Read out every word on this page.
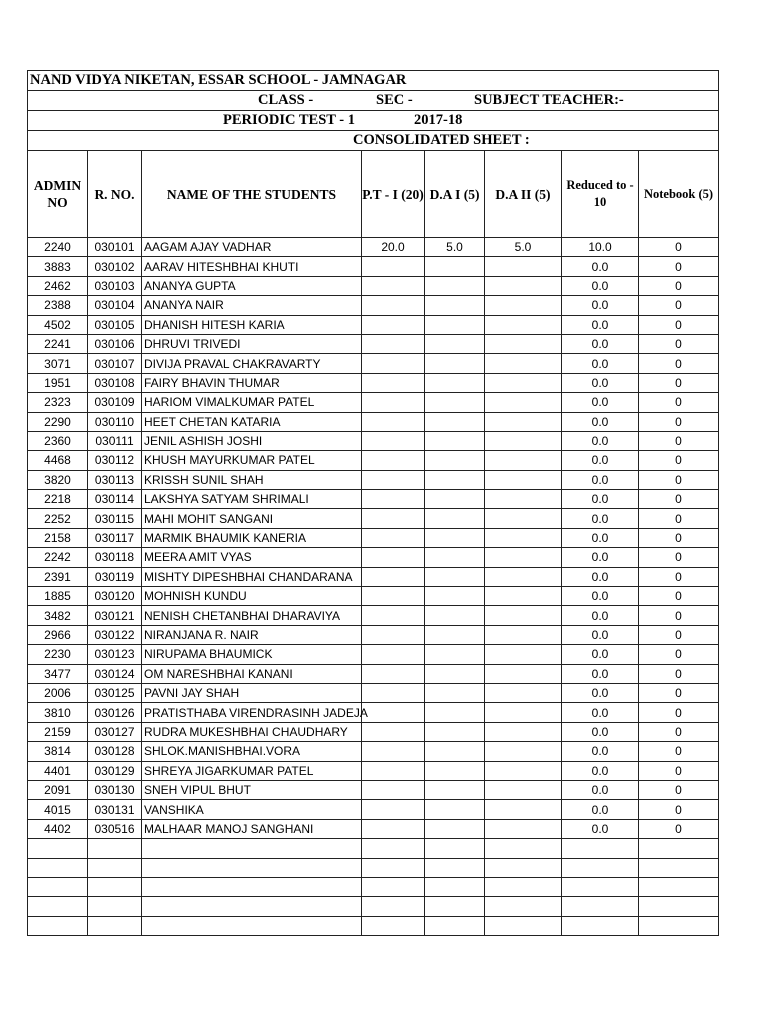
NAND VIDYA NIKETAN, ESSAR SCHOOL - JAMNAGAR							

CLASS - SEC - SUBJECT TEACHER:-							

PERIODIC TEST - 1 2017-18							

CONSOLIDATED SHEET :							

ADMIN NO	R. NO.	NAME OF THE STUDENTS	P.T - I (20)	D.A I (5)	D.A II (5)	Reduced to - 10	Notebook (5)
2240	030101	AAGAM AJAY VADHAR	20.0	5.0	5.0	10.0	0
3883	030102	AARAV HITESHBHAI KHUTI				0.0	0
2462	030103	ANANYA GUPTA				0.0	0
2388	030104	ANANYA NAIR				0.0	0
4502	030105	DHANISH HITESH KARIA				0.0	0
2241	030106	DHRUVI TRIVEDI				0.0	0
3071	030107	DIVIJA PRAVAL CHAKRAVARTY				0.0	0
1951	030108	FAIRY BHAVIN THUMAR				0.0	0
2323	030109	HARIOM VIMALKUMAR PATEL				0.0	0
2290	030110	HEET CHETAN KATARIA				0.0	0
2360	030111	JENIL ASHISH JOSHI				0.0	0
4468	030112	KHUSH MAYURKUMAR PATEL				0.0	0
3820	030113	KRISSH SUNIL SHAH				0.0	0
2218	030114	LAKSHYA SATYAM SHRIMALI				0.0	0
2252	030115	MAHI MOHIT SANGANI				0.0	0
2158	030117	MARMIK BHAUMIK KANERIA				0.0	0
2242	030118	MEERA AMIT VYAS				0.0	0
2391	030119	MISHTY DIPESHBHAI CHANDARANA				0.0	0
1885	030120	MOHNISH KUNDU				0.0	0
3482	030121	NENISH CHETANBHAI DHARAVIYA				0.0	0
2966	030122	NIRANJANA R. NAIR				0.0	0
2230	030123	NIRUPAMA BHAUMICK				0.0	0
3477	030124	OM NARESHBHAI KANANI				0.0	0
2006	030125	PAVNI JAY SHAH				0.0	0
3810	030126	PRATISTHABA VIRENDRASINH JADEJA				0.0	0
2159	030127	RUDRA MUKESHBHAI CHAUDHARY				0.0	0
3814	030128	SHLOK.MANISHBHAI.VORA				0.0	0
4401	030129	SHREYA JIGARKUMAR PATEL				0.0	0
2091	030130	SNEH VIPUL BHUT				0.0	0
4015	030131	VANSHIKA				0.0	0
4402	030516	MALHAAR MANOJ SANGHANI				0.0	0
